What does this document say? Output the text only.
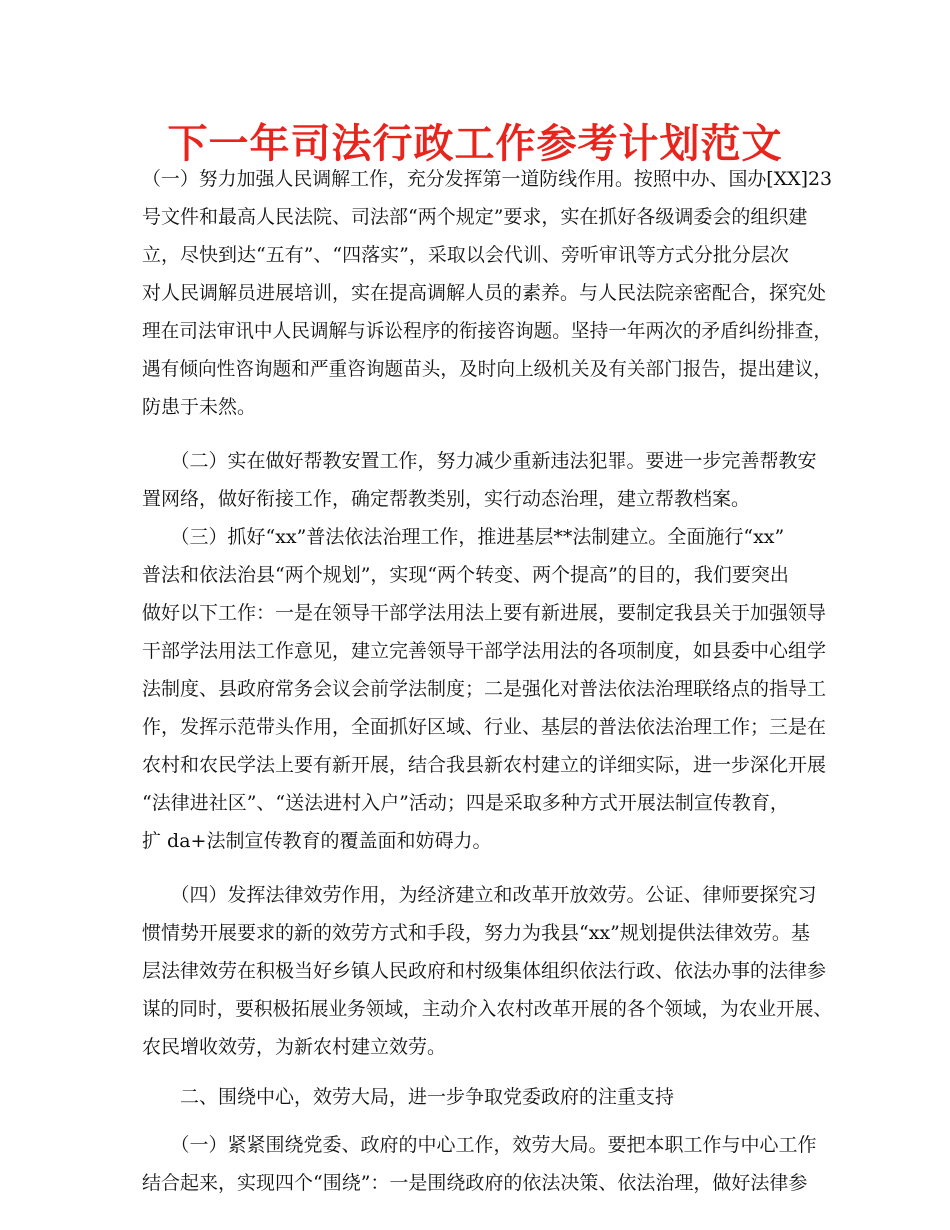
下一年司法行政工作参考计划范文
（一）努力加强人民调解工作，充分发挥第一道防线作用。按照中办、国办[XX]23
号文件和最高人民法院、司法部“两个规定”要求，实在抓好各级调委会的组织建
立，尽快到达“五有”、“四落实”，采取以会代训、旁听审讯等方式分批分层次
对人民调解员进展培训，实在提高调解人员的素养。与人民法院亲密配合，探究处
理在司法审讯中人民调解与诉讼程序的衔接咨询题。坚持一年两次的矛盾纠纷排查，
遇有倾向性咨询题和严重咨询题苗头，及时向上级机关及有关部门报告，提出建议，
防患于未然。
　　（二）实在做好帮教安置工作，努力减少重新违法犯罪。要进一步完善帮教安
置网络，做好衔接工作，确定帮教类别，实行动态治理，建立帮教档案。
　　（三）抓好“xx”普法依法治理工作，推进基层**法制建立。全面施行“xx”
普法和依法治县“两个规划”，实现“两个转变、两个提高”的目的，我们要突出
做好以下工作：一是在领导干部学法用法上要有新进展，要制定我县关于加强领导
干部学法用法工作意见，建立完善领导干部学法用法的各项制度，如县委中心组学
法制度、县政府常务会议会前学法制度；二是强化对普法依法治理联络点的指导工
作，发挥示范带头作用，全面抓好区域、行业、基层的普法依法治理工作；三是在
农村和农民学法上要有新开展，结合我县新农村建立的详细实际，进一步深化开展
“法律进社区”、“送法进村入户”活动；四是采取多种方式开展法制宣传教育，
扩 da+法制宣传教育的覆盖面和妨碍力。
　　（四）发挥法律效劳作用，为经济建立和改革开放效劳。公证、律师要探究习
惯情势开展要求的新的效劳方式和手段，努力为我县“xx”规划提供法律效劳。基
层法律效劳在积极当好乡镇人民政府和村级集体组织依法行政、依法办事的法律参
谋的同时，要积极拓展业务领域，主动介入农村改革开展的各个领域，为农业开展、
农民增收效劳，为新农村建立效劳。
　　二、围绕中心，效劳大局，进一步争取党委政府的注重支持
　　（一）紧紧围绕党委、政府的中心工作，效劳大局。要把本职工作与中心工作
结合起来，实现四个“围绕”：一是围绕政府的依法决策、依法治理，做好法律参
